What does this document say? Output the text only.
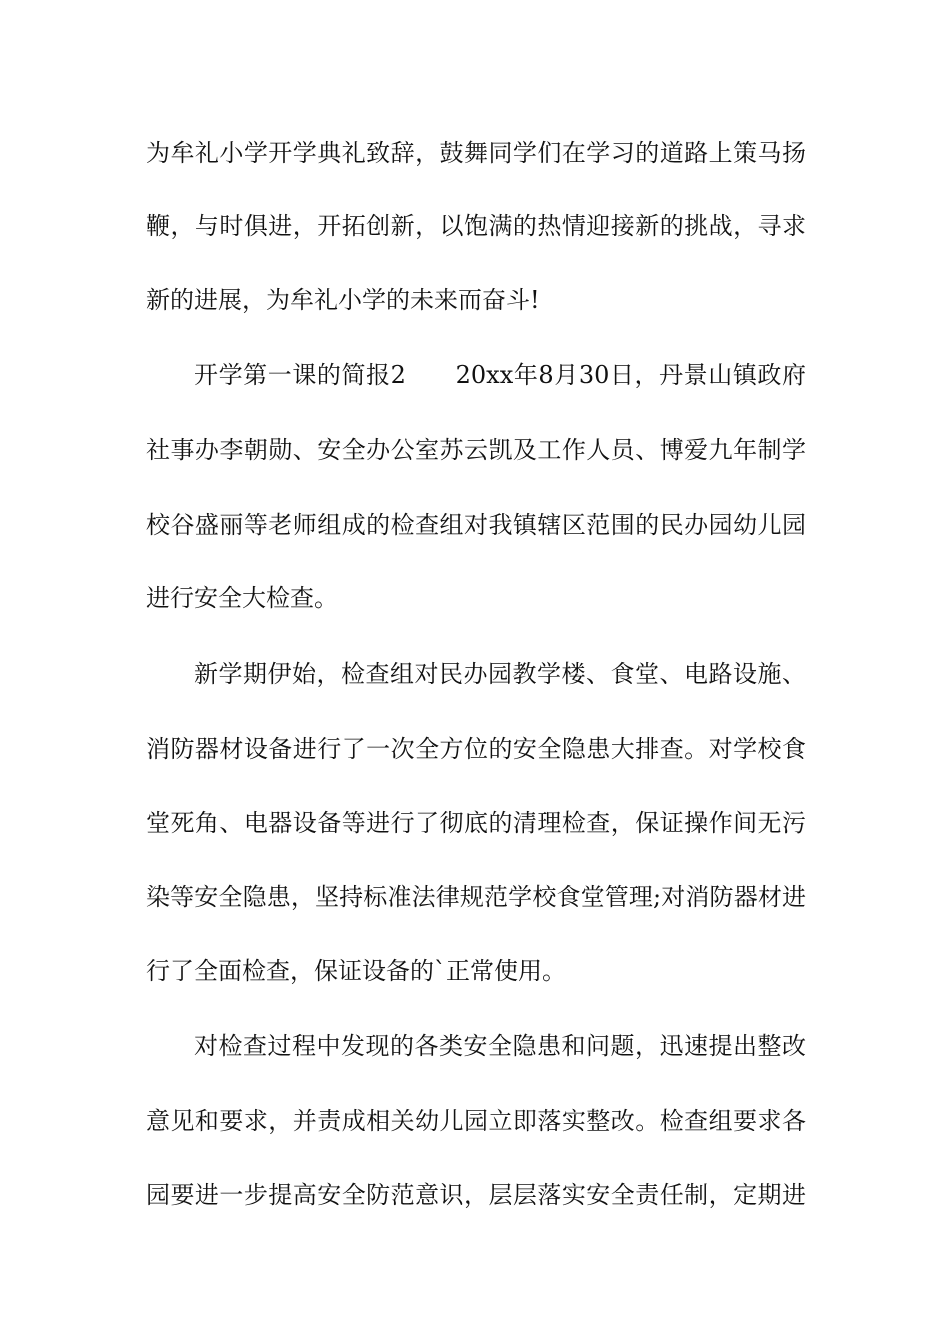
为牟礼小学开学典礼致辞，鼓舞同学们在学习的道路上策马扬
鞭，与时俱进，开拓创新，以饱满的热情迎接新的挑战，寻求
新的进展，为牟礼小学的未来而奋斗!
开学第一课的简报2　　20xx年8月30日，丹景山镇政府
社事办李朝勋、安全办公室苏云凯及工作人员、博爱九年制学
校谷盛丽等老师组成的检查组对我镇辖区范围的民办园幼儿园
进行安全大检查。
新学期伊始，检查组对民办园教学楼、食堂、电路设施、
消防器材设备进行了一次全方位的安全隐患大排查。对学校食
堂死角、电器设备等进行了彻底的清理检查，保证操作间无污
染等安全隐患，坚持标准法律规范学校食堂管理;对消防器材进
行了全面检查，保证设备的`正常使用。
对检查过程中发现的各类安全隐患和问题，迅速提出整改
意见和要求，并责成相关幼儿园立即落实整改。检查组要求各
园要进一步提高安全防范意识，层层落实安全责任制，定期进
